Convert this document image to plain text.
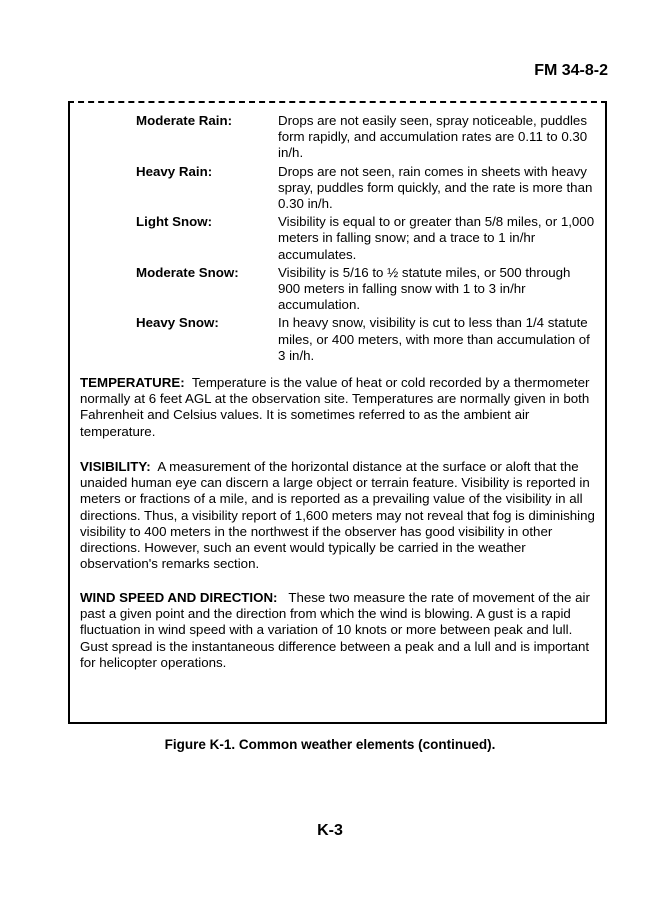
FM 34-8-2
Moderate Rain:	Drops are not easily seen, spray noticeable, puddles form rapidly, and accumulation rates are 0.11 to 0.30 in/h.
Heavy Rain:	Drops are not seen, rain comes in sheets with heavy spray, puddles form quickly, and the rate is more than 0.30 in/h.
Light Snow:	Visibility is equal to or greater than 5/8 miles, or 1,000 meters in falling snow; and a trace to 1 in/hr accumulates.
Moderate Snow:	Visibility is 5/16 to ½ statute miles, or 500 through 900 meters in falling snow with 1 to 3 in/hr accumulation.
Heavy Snow:	In heavy snow, visibility is cut to less than 1/4 statute miles, or 400 meters, with more than accumulation of 3 in/h.
TEMPERATURE: Temperature is the value of heat or cold recorded by a thermometer normally at 6 feet AGL at the observation site. Temperatures are normally given in both Fahrenheit and Celsius values. It is sometimes referred to as the ambient air temperature.
VISIBILITY: A measurement of the horizontal distance at the surface or aloft that the unaided human eye can discern a large object or terrain feature. Visibility is reported in meters or fractions of a mile, and is reported as a prevailing value of the visibility in all directions. Thus, a visibility report of 1,600 meters may not reveal that fog is diminishing visibility to 400 meters in the northwest if the observer has good visibility in other directions. However, such an event would typically be carried in the weather observation's remarks section.
WIND SPEED AND DIRECTION: These two measure the rate of movement of the air past a given point and the direction from which the wind is blowing. A gust is a rapid fluctuation in wind speed with a variation of 10 knots or more between peak and lull. Gust spread is the instantaneous difference between a peak and a lull and is important for helicopter operations.
Figure K-1. Common weather elements (continued).
K-3
